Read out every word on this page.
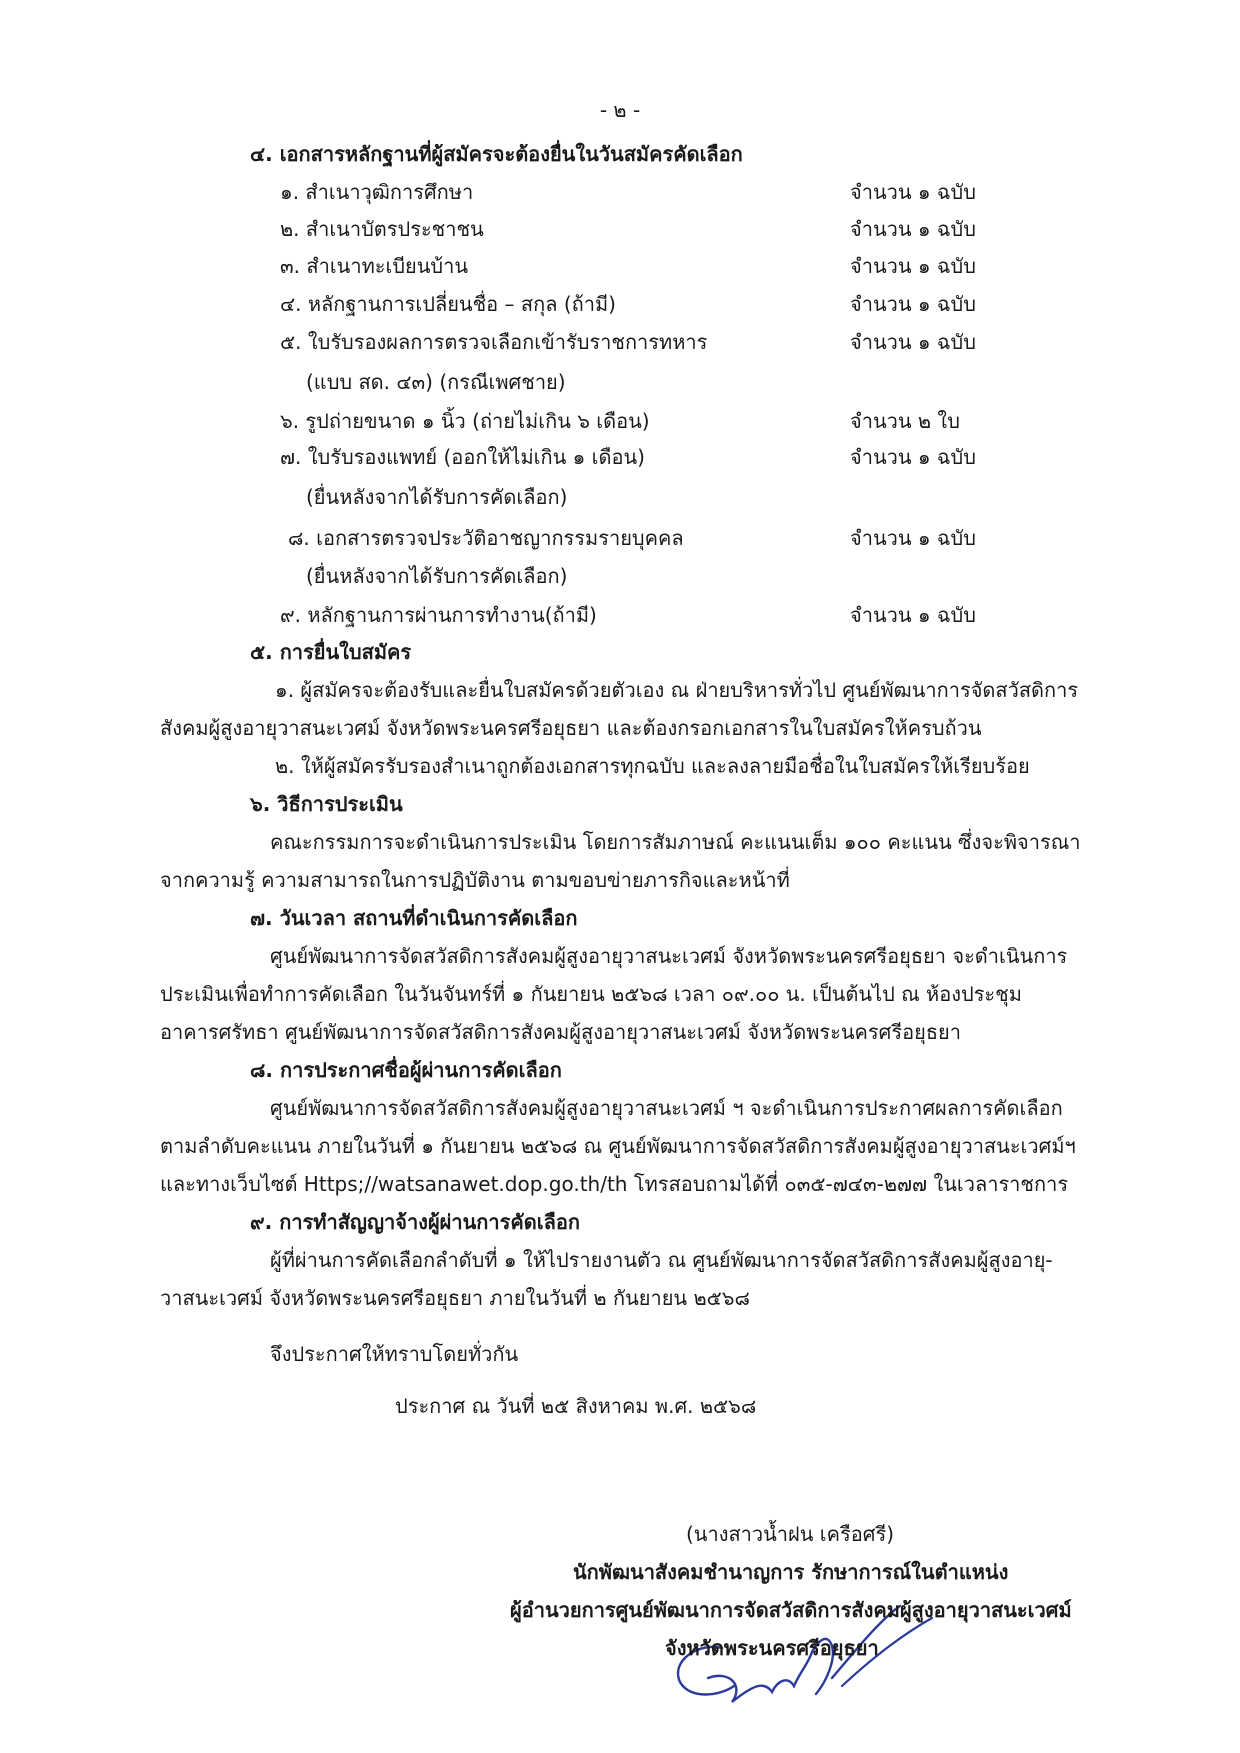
- ๒ -
๔. เอกสารหลักฐานที่ผู้สมัครจะต้องยื่นในวันสมัครคัดเลือก
๑. สำเนาวุฒิการศึกษา	จำนวน ๑ ฉบับ
๒. สำเนาบัตรประชาชน	จำนวน ๑ ฉบับ
๓. สำเนาทะเบียนบ้าน	จำนวน ๑ ฉบับ
๔. หลักฐานการเปลี่ยนชื่อ – สกุล (ถ้ามี)	จำนวน ๑ ฉบับ
๕. ใบรับรองผลการตรวจเลือกเข้ารับราชการทหาร	จำนวน ๑ ฉบับ
(แบบ สด. ๔๓) (กรณีเพศชาย)
๖. รูปถ่ายขนาด ๑ นิ้ว (ถ่ายไม่เกิน ๖ เดือน)	จำนวน ๒ ใบ
๗. ใบรับรองแพทย์ (ออกให้ไม่เกิน ๑ เดือน)	จำนวน ๑ ฉบับ
(ยื่นหลังจากได้รับการคัดเลือก)
๘. เอกสารตรวจประวัติอาชญากรรมรายบุคคล	จำนวน ๑ ฉบับ
(ยื่นหลังจากได้รับการคัดเลือก)
๙. หลักฐานการผ่านการทำงาน(ถ้ามี)	จำนวน ๑ ฉบับ
๕. การยื่นใบสมัคร
๑. ผู้สมัครจะต้องรับและยื่นใบสมัครด้วยตัวเอง ณ ฝ่ายบริหารทั่วไป ศูนย์พัฒนาการจัดสวัสดิการ
สังคมผู้สูงอายุวาสนะเวศม์ จังหวัดพระนครศรีอยุธยา และต้องกรอกเอกสารในใบสมัครให้ครบถ้วน
๒. ให้ผู้สมัครรับรองสำเนาถูกต้องเอกสารทุกฉบับ และลงลายมือชื่อในใบสมัครให้เรียบร้อย
๖. วิธีการประเมิน
คณะกรรมการจะดำเนินการประเมิน โดยการสัมภาษณ์ คะแนนเต็ม ๑๐๐ คะแนน ซึ่งจะพิจารณา
จากความรู้ ความสามารถในการปฏิบัติงาน ตามขอบข่ายภารกิจและหน้าที่
๗. วันเวลา สถานที่ดำเนินการคัดเลือก
ศูนย์พัฒนาการจัดสวัสดิการสังคมผู้สูงอายุวาสนะเวศม์ จังหวัดพระนครศรีอยุธยา จะดำเนินการ
ประเมินเพื่อทำการคัดเลือก ในวันจันทร์ที่ ๑ กันยายน ๒๕๖๘ เวลา ๐๙.๐๐ น. เป็นต้นไป ณ ห้องประชุม
อาคารศรัทธา ศูนย์พัฒนาการจัดสวัสดิการสังคมผู้สูงอายุวาสนะเวศม์ จังหวัดพระนครศรีอยุธยา
๘. การประกาศชื่อผู้ผ่านการคัดเลือก
ศูนย์พัฒนาการจัดสวัสดิการสังคมผู้สูงอายุวาสนะเวศม์ ฯ จะดำเนินการประกาศผลการคัดเลือก
ตามลำดับคะแนน ภายในวันที่ ๑ กันยายน ๒๕๖๘ ณ ศูนย์พัฒนาการจัดสวัสดิการสังคมผู้สูงอายุวาสนะเวศม์ฯ
และทางเว็บไซต์ Https;//watsanawet.dop.go.th/th โทรสอบถามได้ที่ ๐๓๕-๗๔๓-๒๗๗ ในเวลาราชการ
๙. การทำสัญญาจ้างผู้ผ่านการคัดเลือก
ผู้ที่ผ่านการคัดเลือกลำดับที่ ๑ ให้ไปรายงานตัว ณ ศูนย์พัฒนาการจัดสวัสดิการสังคมผู้สูงอายุ-
วาสนะเวศม์ จังหวัดพระนครศรีอยุธยา ภายในวันที่ ๒ กันยายน ๒๕๖๘
จึงประกาศให้ทราบโดยทั่วกัน
ประกาศ ณ วันที่ ๒๕ สิงหาคม พ.ศ. ๒๕๖๘
(นางสาวน้ำฝน เครือศรี)
นักพัฒนาสังคมชำนาญการ รักษาการณ์ในตำแหน่ง
ผู้อำนวยการศูนย์พัฒนาการจัดสวัสดิการสังคมผู้สูงอายุวาสนะเวศม์
จังหวัดพระนครศรีอยุธยา
